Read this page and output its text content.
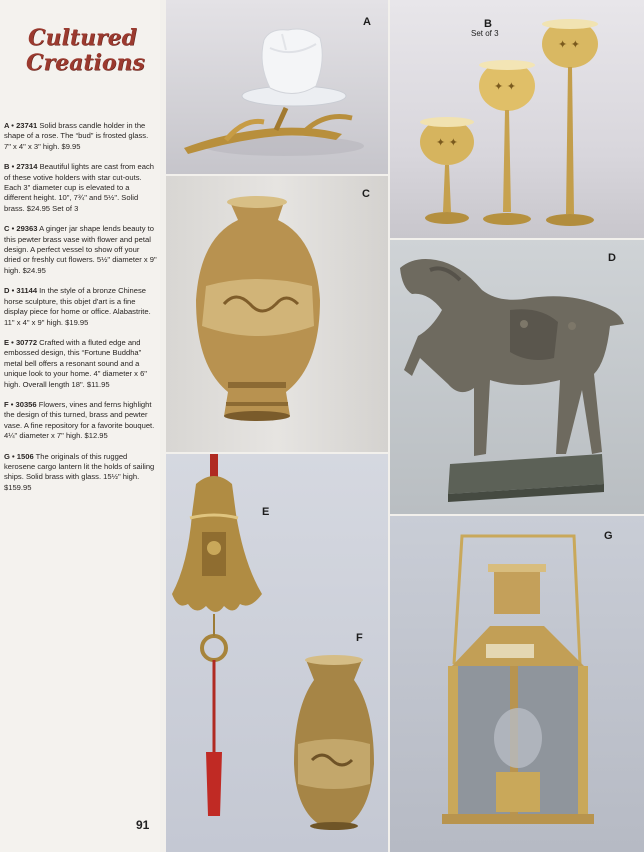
Cultured
Creations

A • 23741 Solid brass candle holder in the shape of a rose. The “bud” is frosted glass. 7" x 4" x 3" high. $9.95

B • 27314 Beautiful lights are cast from each of these votive holders with star cut-outs. Each 3" diameter cup is elevated to a different height. 10", 7¾" and 5½". Solid brass. $24.95 Set of 3

C • 29363 A ginger jar shape lends beauty to this pewter brass vase with flower and petal design. A perfect vessel to show off your dried or freshly cut flowers. 5½" diameter x 9" high. $24.95

D • 31144 In the style of a bronze Chinese horse sculpture, this objet d'art is a fine display piece for home or office. Alabastrite. 11" x 4" x 9" high. $19.95

E • 30772 Crafted with a fluted edge and embossed design, this “Fortune Buddha” metal bell offers a resonant sound and a unique look to your home. 4" diameter x 6" high. Overall length 18". $11.95

F • 30356 Flowers, vines and ferns highlight the design of this turned, brass and pewter vase. A fine repository for a favorite bouquet. 4¼" diameter x 7" high. $12.95

G • 1506 The originals of this rugged kerosene cargo lantern lit the holds of sailing ships. Solid brass with glass. 15½" high. $159.95

91
A
✦ ✦
✦ ✦
✦ ✦
B
Set of 3
C
D
E
F
G
